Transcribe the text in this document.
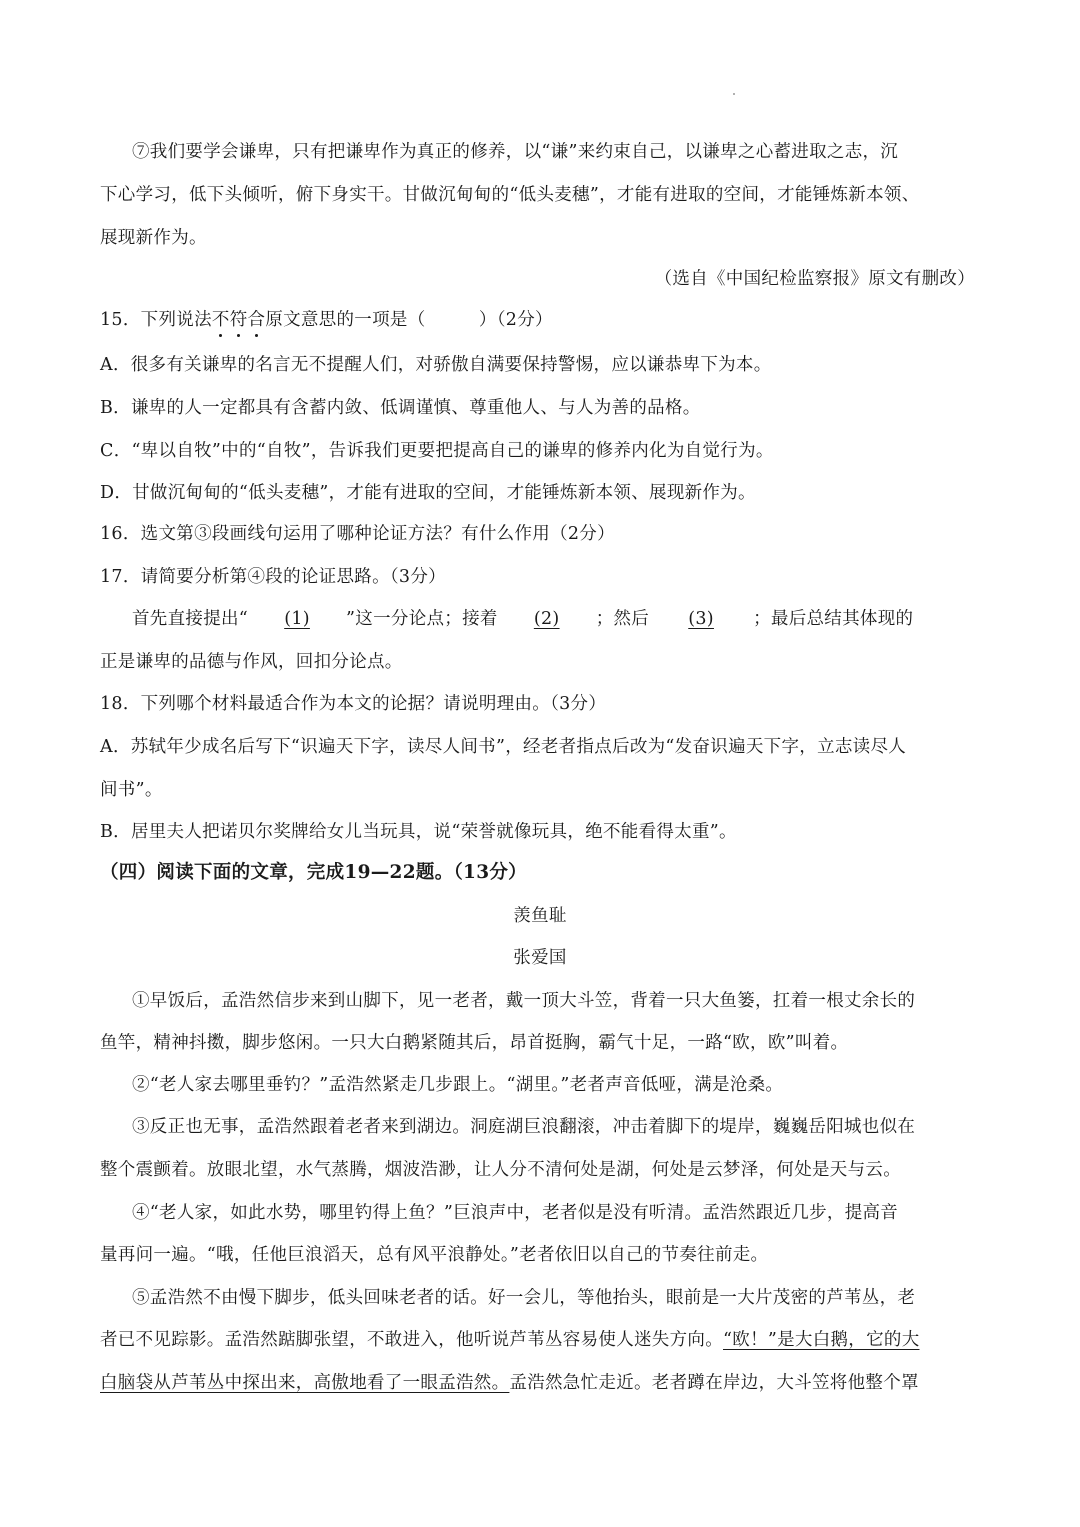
⑦我们要学会谦卑，只有把谦卑作为真正的修养，以“谦”来约束自己，以谦卑之心蓄进取之志，沉
下心学习，低下头倾听，俯下身实干。甘做沉甸甸的“低头麦穗”，才能有进取的空间，才能锤炼新本领、
展现新作为。
（选自《中国纪检监察报》原文有删改）
15．下列说法不符合原文意思的一项是（　　　）（2分）
A．很多有关谦卑的名言无不提醒人们，对骄傲自满要保持警惕，应以谦恭卑下为本。
B．谦卑的人一定都具有含蓄内敛、低调谨慎、尊重他人、与人为善的品格。
C．“卑以自牧”中的“自牧”，告诉我们更要把提高自己的谦卑的修养内化为自觉行为。
D．甘做沉甸甸的“低头麦穗”，才能有进取的空间，才能锤炼新本领、展现新作为。
16．选文第③段画线句运用了哪种论证方法？有什么作用（2分）
17．请简要分析第④段的论证思路。（3分）
首先直接提出“ (1) ”这一分论点；接着 (2) ；然后 (3) ；最后总结其体现的
正是谦卑的品德与作风，回扣分论点。
18．下列哪个材料最适合作为本文的论据？请说明理由。（3分）
A．苏轼年少成名后写下“识遍天下字，读尽人间书”，经老者指点后改为“发奋识遍天下字，立志读尽人
间书”。
B．居里夫人把诺贝尔奖牌给女儿当玩具，说“荣誉就像玩具，绝不能看得太重”。
（四）阅读下面的文章，完成19—22题。（13分）
羡鱼耻
张爱国
①早饭后，孟浩然信步来到山脚下，见一老者，戴一顶大斗笠，背着一只大鱼篓，扛着一根丈余长的
鱼竿，精神抖擞，脚步悠闲。一只大白鹅紧随其后，昂首挺胸，霸气十足，一路“欧，欧”叫着。
②“老人家去哪里垂钓？”孟浩然紧走几步跟上。“湖里。”老者声音低哑，满是沧桑。
③反正也无事，孟浩然跟着老者来到湖边。洞庭湖巨浪翻滚，冲击着脚下的堤岸，巍巍岳阳城也似在
整个震颤着。放眼北望，水气蒸腾，烟波浩渺，让人分不清何处是湖，何处是云梦泽，何处是天与云。
④“老人家，如此水势，哪里钓得上鱼？”巨浪声中，老者似是没有听清。孟浩然跟近几步，提高音
量再问一遍。“哦，任他巨浪滔天，总有风平浪静处。”老者依旧以自己的节奏往前走。
⑤孟浩然不由慢下脚步，低头回味老者的话。好一会儿，等他抬头，眼前是一大片茂密的芦苇丛，老
者已不见踪影。孟浩然踮脚张望，不敢进入，他听说芦苇丛容易使人迷失方向。“欧！”是大白鹅，它的大
白脑袋从芦苇丛中探出来，高傲地看了一眼孟浩然。孟浩然急忙走近。老者蹲在岸边，大斗笠将他整个罩
